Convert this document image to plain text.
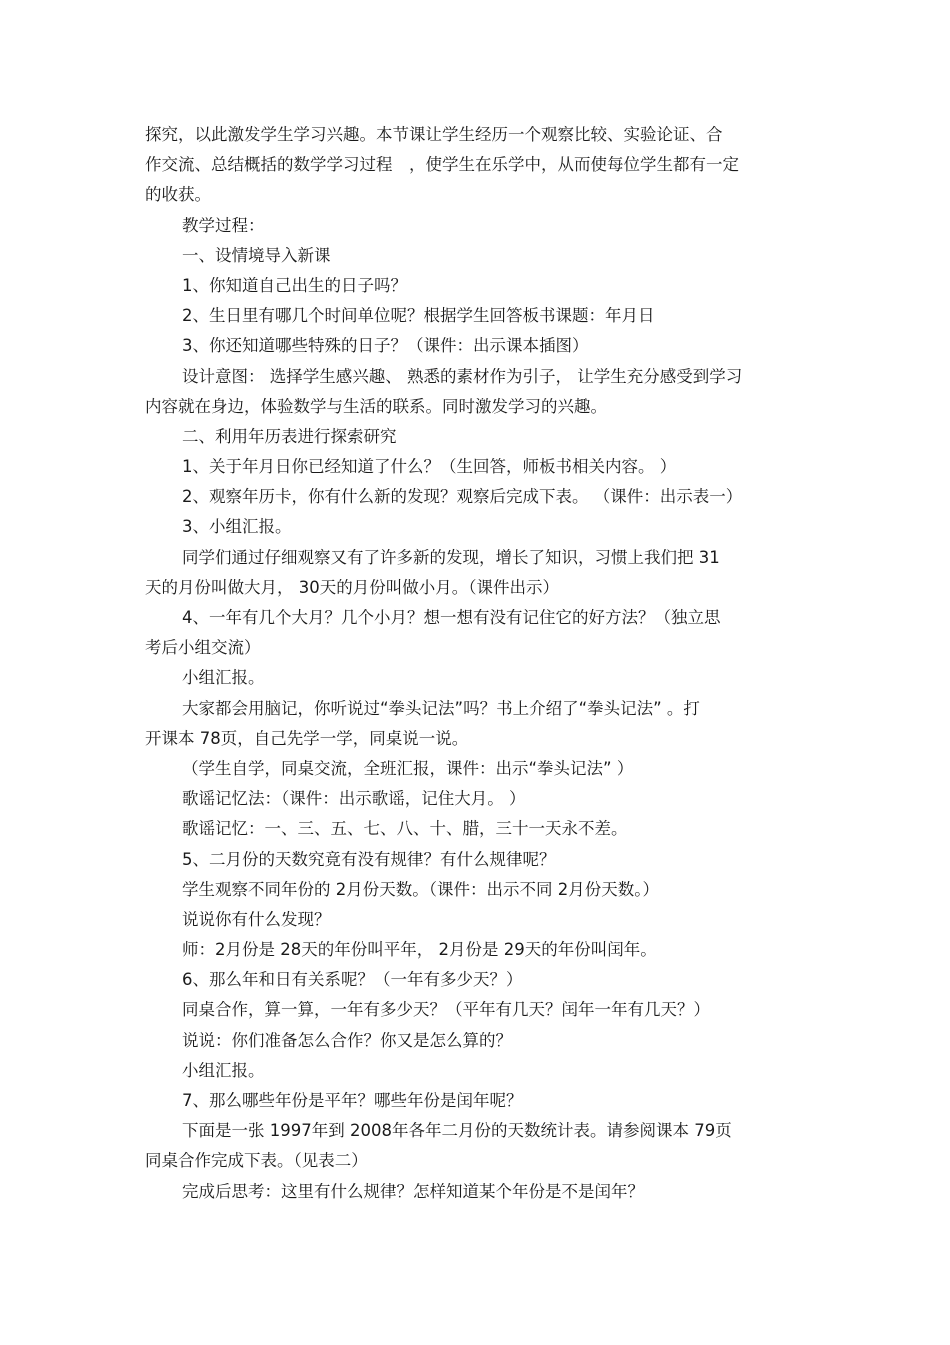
探究，以此激发学生学习兴趣。本节课让学生经历一个观察比较、实验论证、合
作交流、总结概括的数学学习过程　，使学生在乐学中，从而使每位学生都有一定
的收获。
教学过程：
一、设情境导入新课
1、你知道自己出生的日子吗？
2、生日里有哪几个时间单位呢？根据学生回答板书课题：年月日
3、你还知道哪些特殊的日子？（课件：出示课本插图）
设计意图： 选择学生感兴趣、 熟悉的素材作为引子， 让学生充分感受到学习
内容就在身边，体验数学与生活的联系。同时激发学习的兴趣。
二、利用年历表进行探索研究
1、关于年月日你已经知道了什么？（生回答，师板书相关内容。 ）
2、观察年历卡，你有什么新的发现？观察后完成下表。 （课件：出示表一）
3、小组汇报。
同学们通过仔细观察又有了许多新的发现，增长了知识，习惯上我们把 31
天的月份叫做大月， 30天的月份叫做小月。（课件出示）
4、一年有几个大月？几个小月？想一想有没有记住它的好方法？（独立思
考后小组交流）
小组汇报。
大家都会用脑记，你听说过“拳头记法”吗？书上介绍了“拳头记法” 。打
开课本 78页，自己先学一学，同桌说一说。
（学生自学，同桌交流，全班汇报，课件：出示“拳头记法” ）
歌谣记忆法：（课件：出示歌谣，记住大月。 ）
歌谣记忆：一、三、五、七、八、十、腊，三十一天永不差。
5、二月份的天数究竟有没有规律？有什么规律呢？
学生观察不同年份的 2月份天数。（课件：出示不同 2月份天数。）
说说你有什么发现？
师：2月份是 28天的年份叫平年， 2月份是 29天的年份叫闰年。
6、那么年和日有关系呢？（一年有多少天？）
同桌合作，算一算，一年有多少天？（平年有几天？闰年一年有几天？）
说说：你们准备怎么合作？你又是怎么算的？
小组汇报。
7、那么哪些年份是平年？哪些年份是闰年呢？
下面是一张 1997年到 2008年各年二月份的天数统计表。请参阅课本 79页
同桌合作完成下表。（见表二）
完成后思考：这里有什么规律？怎样知道某个年份是不是闰年？
